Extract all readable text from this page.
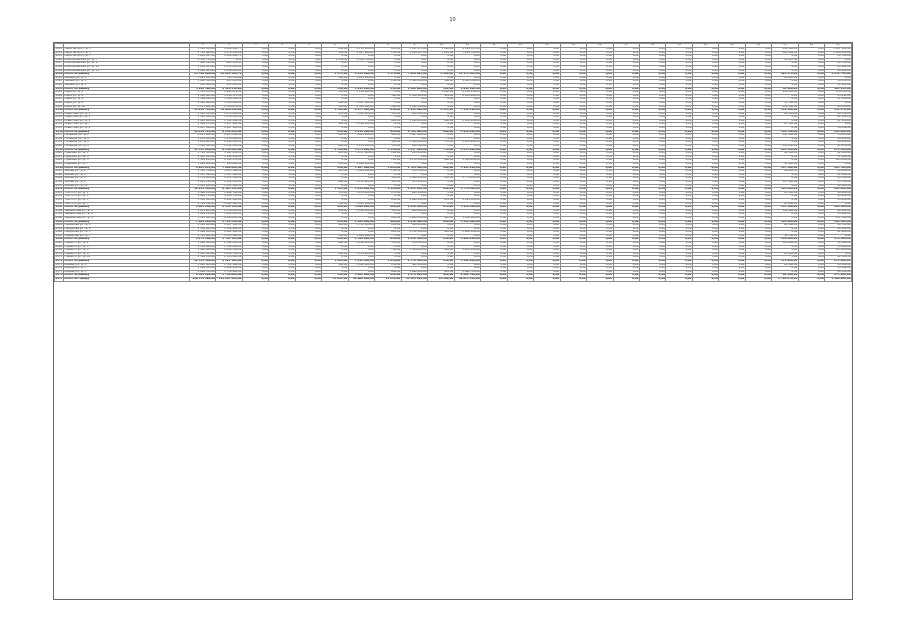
10
		1	2	3	4	5	6	7	8	9	10	11	12	13	14	15	16	17	18	19	20	21	22	23	24	25
2513	Пирогов пр-кт, д. 3	3 104 930,00	2 064 492,77	0,00	0,00	0,00	290,06	2 176 936,00	665,00	3 452 675,00	1 186,00	6 120 103,00	0,00	0,00	0,00	0,00	0,00	0,00	0,00	0,00	0,00	0,00	0,00	346 398,00	0,00	1 567 100,00
2514	Пирогов пр-кт, д. 5	3 744 660,00	2 074 340,00	0,00	0,00	0,00	391,06	1 897 960,00	700,00	3 544 227,00	1 010,00	7 054 700,00	0,00	0,00	0,00	0,00	0,00	0,00	0,00	0,00	0,00	0,00	0,00	284 000,00	0,00	1 040 600,00
2515	Пирогов пр-кт, д. 7	1 044 047,00	1 044 046,75	0,00	0,00	0,00	0,00	0,00	0,00	0,00	0,00	0,00	0,00	0,00	0,00	0,00	0,00	0,00	0,00	0,00	0,00	0,00	0,00	0,00	0,00	30 700,00
2516	Комсомольская ул., д. 7	2 356 719,00	0,00	0,00	0,00	0,00	1 036,00	2 356 719,00	0,00	0,00	0,00	0,00	0,00	0,00	0,00	0,00	0,00	0,00	0,00	0,00	0,00	0,00	0,00	81 267,00	0,00	0,00
2517	Комсомольская ул., д. 9	960 120,00	960 118,93	0,00	0,00	0,00	0,00	0,00	0,00	0,00	0,00	0,00	0,00	0,00	0,00	0,00	0,00	0,00	0,00	0,00	0,00	0,00	0,00	0,00	0,00	48 700,00
2518	Комсомольская ул., д. 11	2 052 421,00	2 052 420,65	0,00	0,00	0,00	0,00	0,00	0,00	0,00	0,00	0,00	0,00	0,00	0,00	0,00	0,00	0,00	0,00	0,00	0,00	0,00	0,00	0,00	0,00	95 900,00
2519	Комсомольская ул., д. 13	2 046 665,00	2 046 665,00	0,00	0,00	0,00	0,00	0,00	0,00	0,00	0,00	0,00	0,00	0,00	0,00	0,00	0,00	0,00	0,00	0,00	0,00	0,00	0,00	0,00	0,00	98 400,00
2520	Итого по району	14 790 000,00	14 028 480,78	0,00	0,00	0,00	1 571,00	6 431 600,00	1 376,00	7 000 903,00	2 196,00	13 174 803,00	0,00	0,00	0,00	0,00	0,00	0,00	0,00	0,00	0,00	0,00	0,00	895 376,00	0,00	2 956 736,00
2521	Ленина ул., д. 1	1 043 200,00	740 130,00	0,00	0,00	0,00	340,00	1 043 200,00	0,00	0,00	0,00	0,00	0,00	0,00	0,00	0,00	0,00	0,00	0,00	0,00	0,00	0,00	0,00	48 400,00	0,00	0,00
2522	Ленина ул., д. 3	1 840 380,00	823 410,00	0,00	0,00	0,00	0,00	0,00	250,00	1 300 000,00	306,00	1 840 380,00	0,00	0,00	0,00	0,00	0,00	0,00	0,00	0,00	0,00	0,00	0,00	0,00	0,00	54 012,00
2523	Ленина ул., д. 5	952 800,00	952 800,00	0,00	0,00	0,00	0,00	0,00	0,00	0,00	0,00	0,00	0,00	0,00	0,00	0,00	0,00	0,00	0,00	0,00	0,00	0,00	0,00	0,00	0,00	51 100,00
2524	Итого по району	3 836 380,00	2 516 340,00	0,00	0,00	0,00	340,00	1 043 200,00	250,00	1 300 000,00	306,00	1 840 380,00	0,00	0,00	0,00	0,00	0,00	0,00	0,00	0,00	0,00	0,00	0,00	48 400,00	0,00	105 112,00
2525	Мира ул., д. 2	4 514 530,00	4 264 970,00	0,00	0,00	0,00	740,00	3 110 000,00	0,00	0,00	1 200,00	4 514 530,00	0,00	0,00	0,00	0,00	0,00	0,00	0,00	0,00	0,00	0,00	0,00	158 300,00	0,00	114 000,00
2526	Мира ул., д. 4	2 904 660,00	1 810 570,00	0,00	0,00	0,00	0,00	0,00	580,00	1 500 000,00	914,00	2 904 660,00	0,00	0,00	0,00	0,00	0,00	0,00	0,00	0,00	0,00	0,00	0,00	0,00	0,00	83 640,00
2527	Мира ул., д. 6	1 364 140,00	1 364 140,00	0,00	0,00	0,00	0,00	0,00	0,00	0,00	0,00	0,00	0,00	0,00	0,00	0,00	0,00	0,00	0,00	0,00	0,00	0,00	0,00	0,00	0,00	47 400,00
2528	Мира ул., д. 8	2 182 060,00	1 204 290,00	0,00	0,00	0,00	280,00	1 027 000,00	0,00	0,00	0,00	0,00	0,00	0,00	0,00	0,00	0,00	0,00	0,00	0,00	0,00	0,00	0,00	74 700,00	0,00	0,00
2529	Мира ул., д. 10	3 271 400,00	2 416 670,00	0,00	0,00	0,00	510,00	2 340 000,00	360,00	1 042 000,00	0,00	0,00	0,00	0,00	0,00	0,00	0,00	0,00	0,00	0,00	0,00	0,00	0,00	116 300,00	0,00	66 430,00
2530	Итого по району	14 236 790,00	11 060 640,00	0,00	0,00	0,00	1 530,00	6 477 000,00	940,00	2 542 000,00	2 114,00	7 419 190,00	0,00	0,00	0,00	0,00	0,00	0,00	0,00	0,00	0,00	0,00	0,00	349 300,00	0,00	311 470,00
2531	Советская ул., д. 1	2 143 330,00	1 470 660,00	0,00	0,00	0,00	470,00	1 620 000,00	310,00	910 000,00	0,00	0,00	0,00	0,00	0,00	0,00	0,00	0,00	0,00	0,00	0,00	0,00	0,00	82 400,00	0,00	49 700,00
2532	Советская ул., д. 3	1 508 200,00	1 508 200,00	0,00	0,00	0,00	0,00	0,00	0,00	0,00	0,00	0,00	0,00	0,00	0,00	0,00	0,00	0,00	0,00	0,00	0,00	0,00	0,00	0,00	0,00	62 930,00
2533	Советская ул., д. 5	2 930 400,00	1 744 840,00	0,00	0,00	0,00	0,00	0,00	620,00	1 810 000,00	880,00	2 930 400,00	0,00	0,00	0,00	0,00	0,00	0,00	0,00	0,00	0,00	0,00	0,00	0,00	0,00	91 520,00
2534	Советская ул., д. 7	1 862 270,00	1 107 400,00	0,00	0,00	0,00	380,00	1 196 000,00	0,00	0,00	0,00	0,00	0,00	0,00	0,00	0,00	0,00	0,00	0,00	0,00	0,00	0,00	0,00	67 300,00	0,00	0,00
2535	Советская ул., д. 9	2 407 520,00	2 407 520,00	0,00	0,00	0,00	0,00	0,00	0,00	0,00	0,00	0,00	0,00	0,00	0,00	0,00	0,00	0,00	0,00	0,00	0,00	0,00	0,00	0,00	0,00	58 840,00
2536	Итого по району	10 851 720,00	8 238 620,00	0,00	0,00	0,00	850,00	2 816 000,00	930,00	2 720 000,00	880,00	2 930 400,00	0,00	0,00	0,00	0,00	0,00	0,00	0,00	0,00	0,00	0,00	0,00	149 700,00	0,00	262 990,00
2537	Гагарина ул., д. 2	4 011 400,00	2 933 040,00	0,00	0,00	0,00	890,00	3 004 000,00	440,00	1 007 400,00	0,00	0,00	0,00	0,00	0,00	0,00	0,00	0,00	0,00	0,00	0,00	0,00	0,00	145 300,00	0,00	79 600,00
2538	Гагарина ул., д. 4	1 270 800,00	1 270 800,00	0,00	0,00	0,00	0,00	0,00	0,00	0,00	0,00	0,00	0,00	0,00	0,00	0,00	0,00	0,00	0,00	0,00	0,00	0,00	0,00	0,00	0,00	44 910,00
2539	Гагарина ул., д. 6	2 654 900,00	1 540 120,00	0,00	0,00	0,00	0,00	0,00	560,00	1 540 000,00	770,00	2 654 900,00	0,00	0,00	0,00	0,00	0,00	0,00	0,00	0,00	0,00	0,00	0,00	0,00	0,00	86 100,00
2540	Гагарина ул., д. 8	3 380 560,00	2 412 930,00	0,00	0,00	0,00	660,00	2 470 000,00	350,00	910 560,00	0,00	0,00	0,00	0,00	0,00	0,00	0,00	0,00	0,00	0,00	0,00	0,00	0,00	118 200,00	0,00	61 870,00
2541	Итого по району	11 317 660,00	8 156 890,00	0,00	0,00	0,00	1 550,00	5 474 000,00	1 350,00	3 457 960,00	770,00	2 654 900,00	0,00	0,00	0,00	0,00	0,00	0,00	0,00	0,00	0,00	0,00	0,00	263 500,00	0,00	272 480,00
2542	Пушкина ул., д. 1	2 761 300,00	1 962 400,00	0,00	0,00	0,00	610,00	2 107 000,00	290,00	654 300,00	0,00	0,00	0,00	0,00	0,00	0,00	0,00	0,00	0,00	0,00	0,00	0,00	0,00	99 100,00	0,00	42 800,00
2543	Пушкина ул., д. 3	1 930 450,00	1 930 450,00	0,00	0,00	0,00	0,00	0,00	0,00	0,00	0,00	0,00	0,00	0,00	0,00	0,00	0,00	0,00	0,00	0,00	0,00	0,00	0,00	0,00	0,00	57 600,00
2544	Пушкина ул., д. 5	3 584 220,00	2 214 570,00	0,00	0,00	0,00	0,00	0,00	720,00	2 130 000,00	960,00	3 584 220,00	0,00	0,00	0,00	0,00	0,00	0,00	0,00	0,00	0,00	0,00	0,00	0,00	0,00	104 300,00
2545	Пушкина ул., д. 7	1 648 900,00	990 640,00	0,00	0,00	0,00	330,00	1 060 000,00	0,00	0,00	0,00	0,00	0,00	0,00	0,00	0,00	0,00	0,00	0,00	0,00	0,00	0,00	0,00	58 400,00	0,00	0,00
2546	Итого по району	9 924 870,00	7 098 060,00	0,00	0,00	0,00	940,00	3 167 000,00	1 010,00	2 784 300,00	960,00	3 584 220,00	0,00	0,00	0,00	0,00	0,00	0,00	0,00	0,00	0,00	0,00	0,00	157 500,00	0,00	204 700,00
2547	Чехова ул., д. 2	2 318 700,00	1 623 180,00	0,00	0,00	0,00	520,00	1 804 000,00	230,00	514 700,00	0,00	0,00	0,00	0,00	0,00	0,00	0,00	0,00	0,00	0,00	0,00	0,00	0,00	86 600,00	0,00	38 900,00
2548	Чехова ул., д. 4	1 197 340,00	1 197 340,00	0,00	0,00	0,00	0,00	0,00	0,00	0,00	0,00	0,00	0,00	0,00	0,00	0,00	0,00	0,00	0,00	0,00	0,00	0,00	0,00	0,00	0,00	41 200,00
2549	Чехова ул., д. 6	2 770 600,00	1 672 300,00	0,00	0,00	0,00	0,00	0,00	590,00	1 606 000,00	810,00	2 770 600,00	0,00	0,00	0,00	0,00	0,00	0,00	0,00	0,00	0,00	0,00	0,00	0,00	0,00	89 300,00
2550	Чехова ул., д. 8	3 045 220,00	2 180 110,00	0,00	0,00	0,00	600,00	2 210 000,00	320,00	835 220,00	0,00	0,00	0,00	0,00	0,00	0,00	0,00	0,00	0,00	0,00	0,00	0,00	0,00	107 400,00	0,00	55 700,00
2551	Чехова ул., д. 10	1 912 480,00	1 912 480,00	0,00	0,00	0,00	0,00	0,00	0,00	0,00	0,00	0,00	0,00	0,00	0,00	0,00	0,00	0,00	0,00	0,00	0,00	0,00	0,00	0,00	0,00	60 100,00
2552	Итого по району	11 244 340,00	8 585 410,00	0,00	0,00	0,00	1 120,00	4 014 000,00	1 140,00	2 955 920,00	810,00	2 770 600,00	0,00	0,00	0,00	0,00	0,00	0,00	0,00	0,00	0,00	0,00	0,00	194 000,00	0,00	285 200,00
2553	Толстого ул., д. 1	2 596 100,00	1 884 700,00	0,00	0,00	0,00	570,00	1 978 000,00	270,00	618 100,00	0,00	0,00	0,00	0,00	0,00	0,00	0,00	0,00	0,00	0,00	0,00	0,00	0,00	93 500,00	0,00	40 600,00
2554	Толстого ул., д. 3	1 406 730,00	1 406 730,00	0,00	0,00	0,00	0,00	0,00	0,00	0,00	0,00	0,00	0,00	0,00	0,00	0,00	0,00	0,00	0,00	0,00	0,00	0,00	0,00	0,00	0,00	49 900,00
2555	Толстого ул., д. 5	3 118 500,00	1 911 200,00	0,00	0,00	0,00	0,00	0,00	650,00	1 840 000,00	870,00	3 118 500,00	0,00	0,00	0,00	0,00	0,00	0,00	0,00	0,00	0,00	0,00	0,00	0,00	0,00	95 800,00
2556	Толстого ул., д. 7	1 764 320,00	1 042 900,00	0,00	0,00	0,00	350,00	1 120 000,00	0,00	0,00	0,00	0,00	0,00	0,00	0,00	0,00	0,00	0,00	0,00	0,00	0,00	0,00	0,00	61 800,00	0,00	0,00
2557	Итого по району	8 885 650,00	6 245 530,00	0,00	0,00	0,00	920,00	3 098 000,00	920,00	2 458 100,00	870,00	3 118 500,00	0,00	0,00	0,00	0,00	0,00	0,00	0,00	0,00	0,00	0,00	0,00	155 300,00	0,00	186 300,00
2558	Лермонтова ул., д. 2	2 874 600,00	2 036 800,00	0,00	0,00	0,00	630,00	2 186 000,00	300,00	688 600,00	0,00	0,00	0,00	0,00	0,00	0,00	0,00	0,00	0,00	0,00	0,00	0,00	0,00	102 900,00	0,00	46 300,00
2559	Лермонтова ул., д. 4	1 684 210,00	1 684 210,00	0,00	0,00	0,00	0,00	0,00	0,00	0,00	0,00	0,00	0,00	0,00	0,00	0,00	0,00	0,00	0,00	0,00	0,00	0,00	0,00	0,00	0,00	53 400,00
2560	Лермонтова ул., д. 6	3 322 800,00	2 040 600,00	0,00	0,00	0,00	0,00	0,00	690,00	1 960 000,00	920,00	3 322 800,00	0,00	0,00	0,00	0,00	0,00	0,00	0,00	0,00	0,00	0,00	0,00	0,00	0,00	101 700,00
2561	Итого по району	7 881 610,00	5 761 610,00	0,00	0,00	0,00	630,00	2 186 000,00	990,00	2 648 600,00	920,00	3 322 800,00	0,00	0,00	0,00	0,00	0,00	0,00	0,00	0,00	0,00	0,00	0,00	102 900,00	0,00	201 400,00
2562	Некрасова ул., д. 1	2 228 400,00	1 607 300,00	0,00	0,00	0,00	490,00	1 702 000,00	220,00	526 400,00	0,00	0,00	0,00	0,00	0,00	0,00	0,00	0,00	0,00	0,00	0,00	0,00	0,00	80 100,00	0,00	36 700,00
2563	Некрасова ул., д. 3	1 356 900,00	1 356 900,00	0,00	0,00	0,00	0,00	0,00	0,00	0,00	0,00	0,00	0,00	0,00	0,00	0,00	0,00	0,00	0,00	0,00	0,00	0,00	0,00	0,00	0,00	46 800,00
2564	Некрасова ул., д. 5	2 986 200,00	1 804 400,00	0,00	0,00	0,00	0,00	0,00	610,00	1 722 000,00	840,00	2 986 200,00	0,00	0,00	0,00	0,00	0,00	0,00	0,00	0,00	0,00	0,00	0,00	0,00	0,00	92 600,00
2565	Некрасова ул., д. 7	1 702 600,00	1 015 900,00	0,00	0,00	0,00	340,00	1 086 000,00	0,00	0,00	0,00	0,00	0,00	0,00	0,00	0,00	0,00	0,00	0,00	0,00	0,00	0,00	0,00	59 700,00	0,00	0,00
2566	Итого по району	8 274 100,00	5 784 500,00	0,00	0,00	0,00	830,00	2 788 000,00	830,00	2 248 400,00	840,00	2 986 200,00	0,00	0,00	0,00	0,00	0,00	0,00	0,00	0,00	0,00	0,00	0,00	139 800,00	0,00	176 100,00
2567	Горького ул., д. 2	3 062 300,00	2 188 400,00	0,00	0,00	0,00	660,00	2 298 000,00	330,00	764 300,00	0,00	0,00	0,00	0,00	0,00	0,00	0,00	0,00	0,00	0,00	0,00	0,00	0,00	108 600,00	0,00	51 400,00
2568	Горького ул., д. 4	1 744 600,00	1 744 600,00	0,00	0,00	0,00	0,00	0,00	0,00	0,00	0,00	0,00	0,00	0,00	0,00	0,00	0,00	0,00	0,00	0,00	0,00	0,00	0,00	0,00	0,00	55 200,00
2569	Горького ул., д. 6	3 406 900,00	2 096 300,00	0,00	0,00	0,00	0,00	0,00	700,00	2 014 000,00	940,00	3 406 900,00	0,00	0,00	0,00	0,00	0,00	0,00	0,00	0,00	0,00	0,00	0,00	0,00	0,00	103 900,00
2570	Горького ул., д. 8	1 812 500,00	1 084 700,00	0,00	0,00	0,00	360,00	1 154 000,00	0,00	0,00	0,00	0,00	0,00	0,00	0,00	0,00	0,00	0,00	0,00	0,00	0,00	0,00	0,00	63 400,00	0,00	0,00
2571	Горького ул., д. 10	2 508 100,00	2 508 100,00	0,00	0,00	0,00	0,00	0,00	0,00	0,00	0,00	0,00	0,00	0,00	0,00	0,00	0,00	0,00	0,00	0,00	0,00	0,00	0,00	0,00	0,00	61 300,00
2572	Итого по району	12 534 400,00	9 622 100,00	0,00	0,00	0,00	1 020,00	3 452 000,00	1 030,00	2 778 300,00	940,00	3 406 900,00	0,00	0,00	0,00	0,00	0,00	0,00	0,00	0,00	0,00	0,00	0,00	172 000,00	0,00	271 800,00
2573	Кирова ул., д. 1	2 442 800,00	1 761 500,00	0,00	0,00	0,00	540,00	1 862 000,00	250,00	580 800,00	0,00	0,00	0,00	0,00	0,00	0,00	0,00	0,00	0,00	0,00	0,00	0,00	0,00	88 500,00	0,00	39 300,00
2574	Кирова ул., д. 3	1 288 400,00	1 288 400,00	0,00	0,00	0,00	0,00	0,00	0,00	0,00	0,00	0,00	0,00	0,00	0,00	0,00	0,00	0,00	0,00	0,00	0,00	0,00	0,00	0,00	0,00	45 100,00
2575	Кирова ул., д. 5	2 862 700,00	1 738 900,00	0,00	0,00	0,00	0,00	0,00	600,00	1 690 000,00	820,00	2 862 700,00	0,00	0,00	0,00	0,00	0,00	0,00	0,00	0,00	0,00	0,00	0,00	0,00	0,00	90 200,00
2576	Итого по району	6 593 900,00	4 788 800,00	0,00	0,00	0,00	540,00	1 862 000,00	850,00	2 270 800,00	820,00	2 862 700,00	0,00	0,00	0,00	0,00	0,00	0,00	0,00	0,00	0,00	0,00	0,00	88 500,00	0,00	174 600,00
2577	Итого по городу	140 371 420,00	111 887 060,00	0,00	0,00	0,00	13 841,00	42 808 800,00	11 616,00	35 165 283,00	12 386,00	50 071 593,00	0,00	0,00	0,00	0,00	0,00	0,00	0,00	0,00	0,00	0,00	0,00	2 716 276,00	0,00	5 408 888,00
